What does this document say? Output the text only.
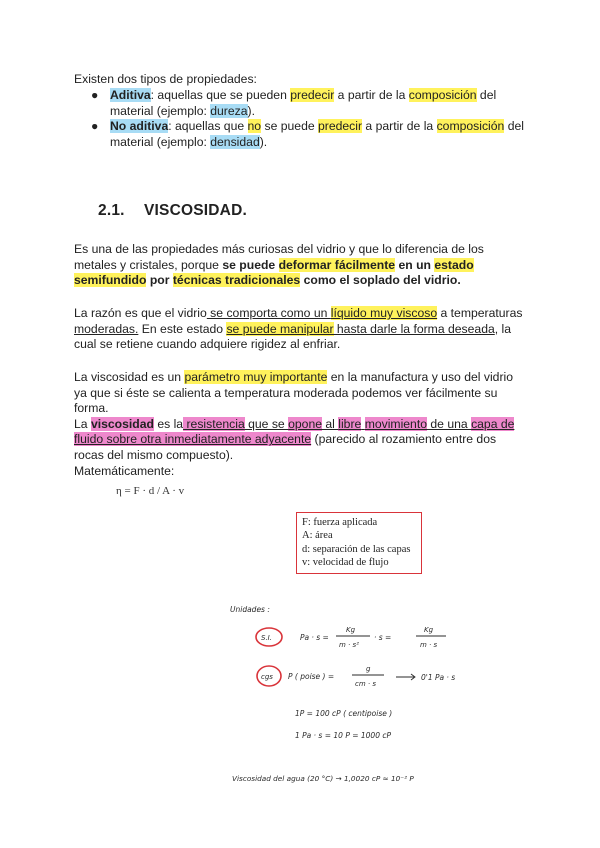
Existen dos tipos de propiedades:
● Aditiva: aquellas que se pueden predecir a partir de la composición del material (ejemplo: dureza).
● No aditiva: aquellas que no se puede predecir a partir de la composición del material (ejemplo: densidad).
2.1. VISCOSIDAD.
Es una de las propiedades más curiosas del vidrio y que lo diferencia de los metales y cristales, porque se puede deformar fácilmente en un estado semifundido por técnicas tradicionales como el soplado del vidrio.
La razón es que el vidrio se comporta como un líquido muy viscoso a temperaturas moderadas. En este estado se puede manipular hasta darle la forma deseada, la cual se retiene cuando adquiere rigidez al enfriar.
La viscosidad es un parámetro muy importante en la manufactura y uso del vidrio ya que si éste se calienta a temperatura moderada podemos ver fácilmente su forma.
La viscosidad es la resistencia que se opone al libre movimiento de una capa de fluido sobre otra inmediatamente adyacente (parecido al rozamiento entre dos rocas del mismo compuesto).
Matemáticamente:
η = F · d / A · v
F: fuerza aplicada
A: área
d: separación de las capas
v: velocidad de flujo
Unidades :
S.I.	Pa · s =
Kg
m · s²
· s =
Kg
m · s
cgs P ( poise ) =
g
cm · s
0'1 Pa · s
1P = 100 cP ( centipoise )
1 Pa · s = 10 P = 1000 cP
Viscosidad del agua (20 °C) → 1,0020 cP ≈ 10⁻² P
